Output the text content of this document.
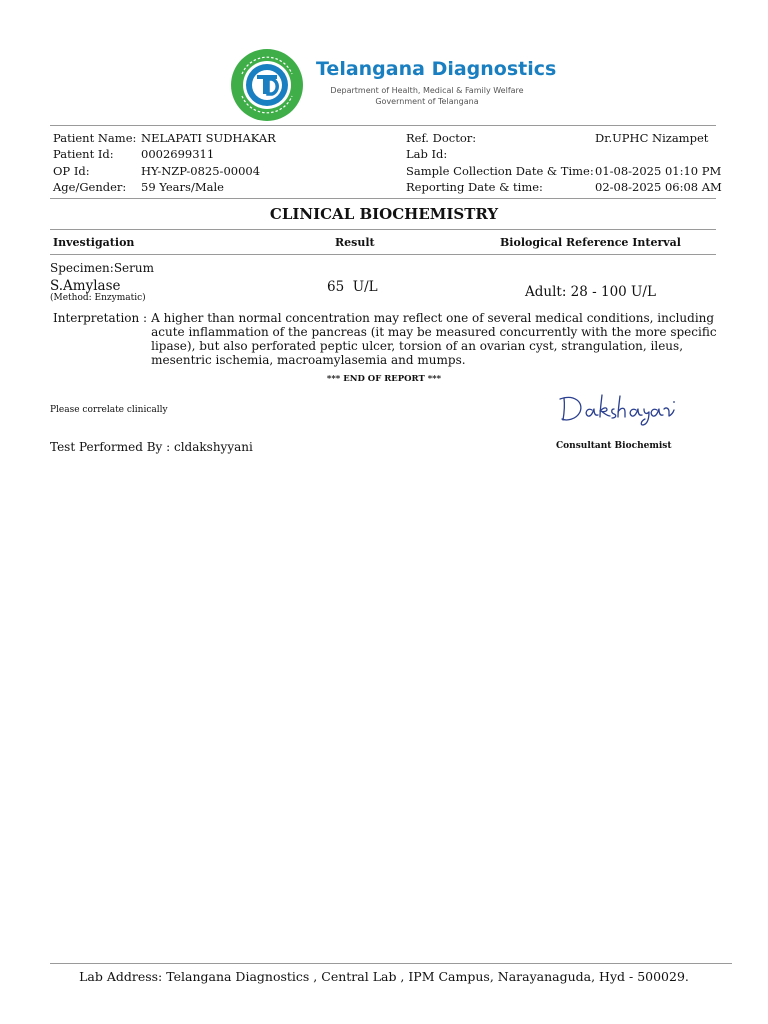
Telangana Diagnostics
Department of Health, Medical & Family Welfare
Government of Telangana
Patient Name: NELAPATI SUDHAKAR
Patient Id: 0002699311
OP Id:	HY-NZP-0825-00004
Age/Gender: 59 Years/Male
Ref. Doctor:	Dr.UPHC Nizampet
Lab Id:
Sample Collection Date & Time: 01-08-2025 01:10 PM
Reporting Date & time:	02-08-2025 06:08 AM
CLINICAL BIOCHEMISTRY
Investigation	Result	Biological Reference Interval
Specimen:Serum
S.Amylase
(Method: Enzymatic)
65  U/L	Adult: 28 - 100 U/L
Interpretation : A higher than normal concentration may reflect one of several medical conditions, including acute inflammation of the pancreas (it may be measured concurrently with the more specific lipase), but also perforated peptic ulcer, torsion of an ovarian cyst, strangulation, ileus, mesentric ischemia, macroamylasemia and mumps.
*** END OF REPORT ***
Please correlate clinically
Test Performed By : cldakshyyani	Consultant Biochemist
Lab Address: Telangana Diagnostics , Central Lab , IPM Campus, Narayanaguda, Hyd - 500029.
